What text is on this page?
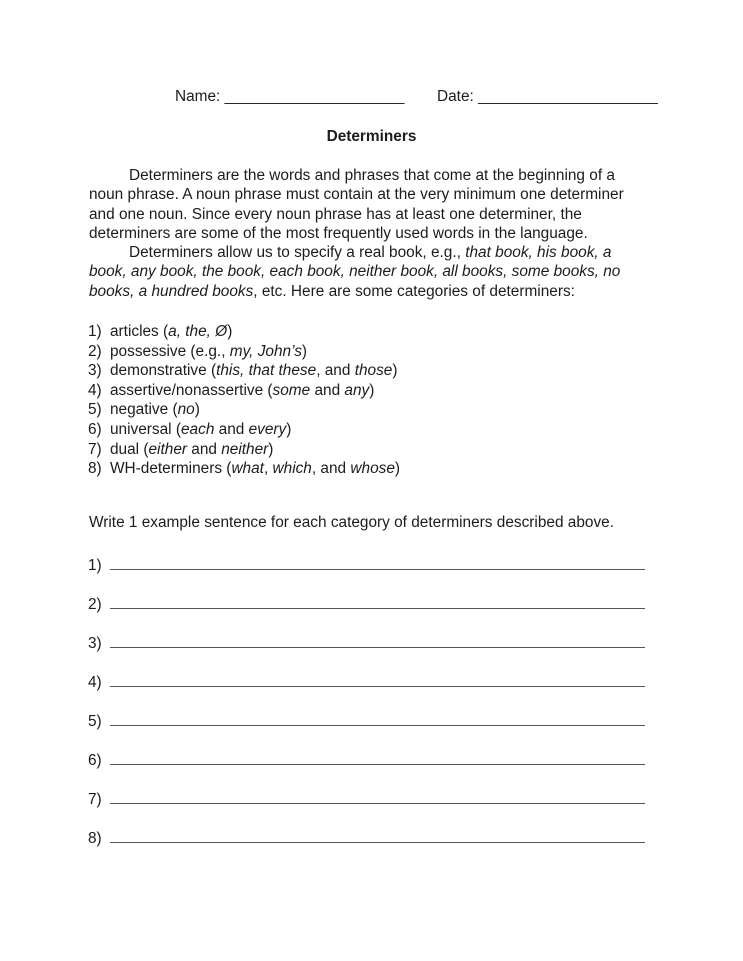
Name: _____________________ Date: _____________________
Determiners
Determiners are the words and phrases that come at the beginning of a
noun phrase. A noun phrase must contain at the very minimum one determiner
and one noun. Since every noun phrase has at least one determiner, the
determiners are some of the most frequently used words in the language.
Determiners allow us to specify a real book, e.g., that book, his book, a
book, any book, the book, each book, neither book, all books, some books, no
books, a hundred books, etc. Here are some categories of determiners:
1) articles (a, the, Ø)
2) possessive (e.g., my, John’s)
3) demonstrative (this, that these, and those)
4) assertive/nonassertive (some and any)
5) negative (no)
6) universal (each and every)
7) dual (either and neither)
8) WH-determiners (what, which, and whose)
Write 1 example sentence for each category of determiners described above.
1)
2)
3)
4)
5)
6)
7)
8)
